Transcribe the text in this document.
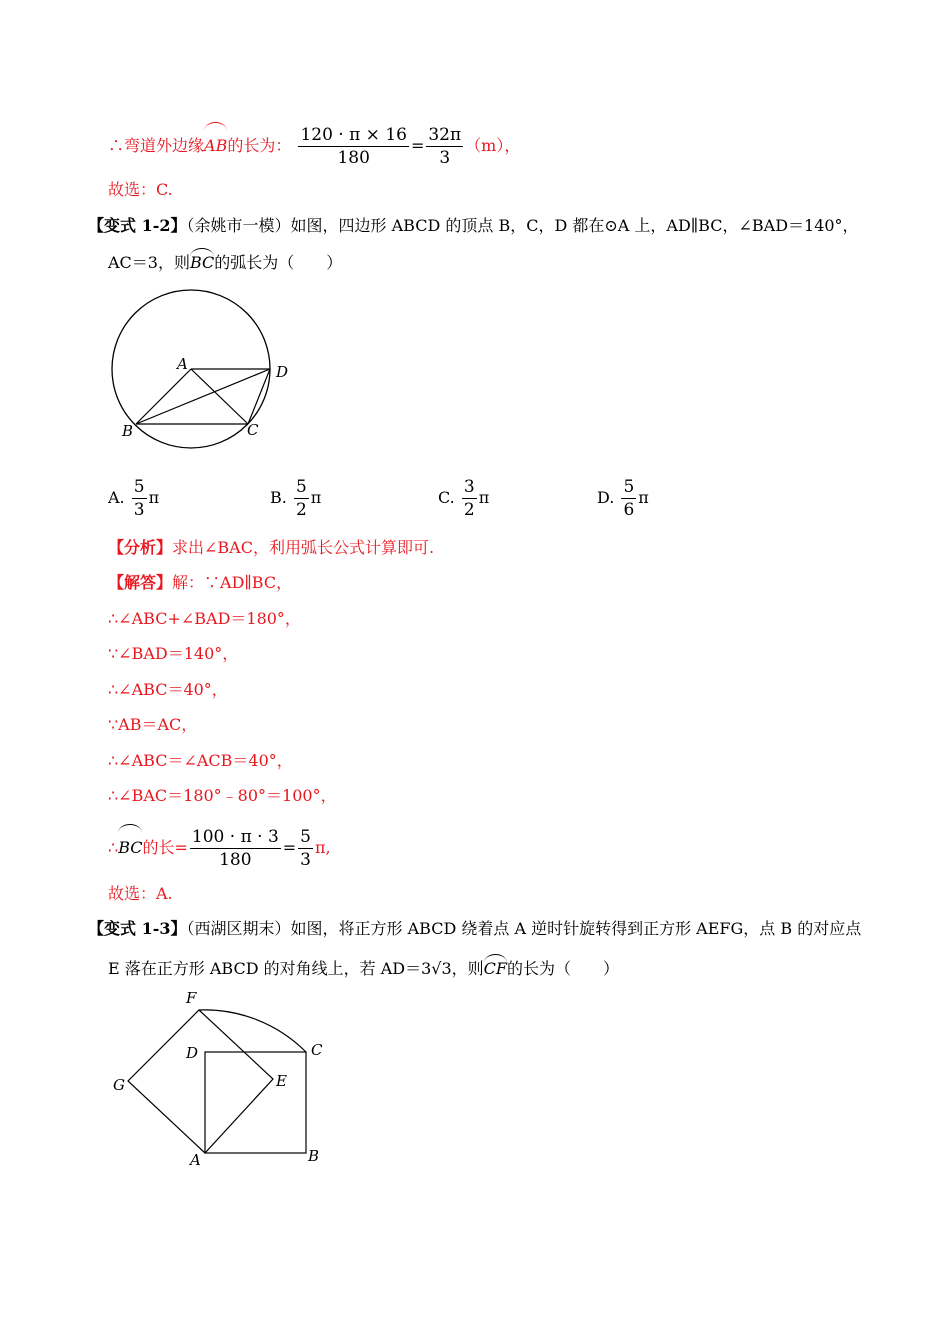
∴弯道外边缘AB的长为： $\frac{120 \cdot \pi \times 16}{180} = \frac{32\pi}{3} (m)$，
故选：C.
【变式 1-2】（余姚市一模）如图，四边形 ABCD 的顶点 B，C，D 都在⊙A 上，AD∥BC，∠BAD＝140°，
AC＝3，则BC的弧长为（　　）
A
B	C
D
A. $\frac{5}{3}$ π	B. $\frac{5}{2}$ π	C. $\frac{3}{2}$ π	D. $\frac{5}{6}$ π
【分析】求出∠BAC，利用弧长公式计算即可.
【解答】解：∵AD∥BC，
∴∠ABC+∠BAD＝180°，
∵∠BAD＝140°，
∴∠ABC＝40°，
∵AB＝AC，
∴∠ABC＝∠ACB＝40°，
∴∠BAC＝180°﹣80°＝100°，
∴BC的长= $\frac{100 \cdot \pi \cdot 3}{180} = \frac{5}{3} \pi$,
故选：A.
【变式 1-3】（西湖区期末）如图，将正方形 ABCD 绕着点 A 逆时针旋转得到正方形 AEFG，点 B 的对应点
E 落在正方形 ABCD 的对角线上，若 AD＝3√3，则CF的长为（　　）
F
D	C
G	E
A	B
